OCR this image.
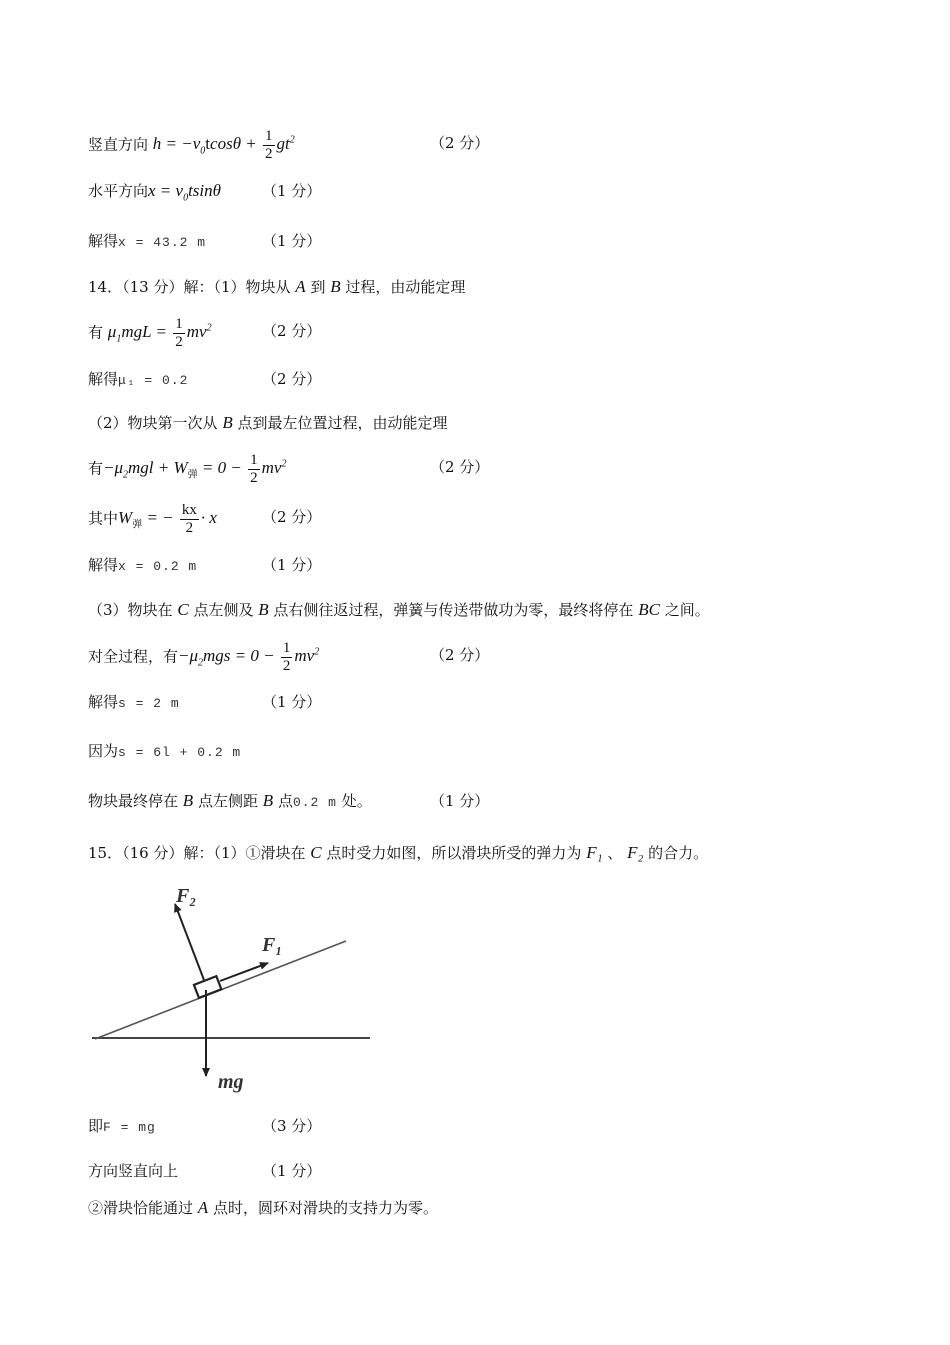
竖直方向 $h = -v_0tcos\theta + \frac{1}{2} gt^2$	（2 分）
水平方向$x = v_0tsin\theta$	（1 分）
解得x = 43.2 m	（1 分）
14．（13 分）解：（1）物块从 A 到 B 过程，由动能定理
有 $\mu_1mgL = \frac{1}{2} mv^2$	（2 分）
解得μ₁ = 0.2	（2 分）
（2）物块第一次从 B 点到最左位置过程，由动能定理
有$-\mu_2mgl + W_弹 = 0 - \frac{1}{2} mv^2$	（2 分）
其中$W_弹$ = − $\frac{kx}{2} \cdot x$	（2 分）
解得x = 0.2 m	（1 分）
（3）物块在 C 点左侧及 B 点右侧往返过程，弹簧与传送带做功为零，最终将停在 BC 之间。
对全过程，有$-\mu_2mgs = 0 - \frac{1}{2} mv^2$	（2 分）
解得s = 2 m	（1 分）
因为s = 6l + 0.2 m
物块最终停在 B 点左侧距 B 点0.2 m 处。	（1 分）
15．（16 分）解：（1）①滑块在 C 点时受力如图，所以滑块所受的弹力为 F₁ 、 F₂ 的合力。
F₂
F₁
mg
即F = mg	（3 分）
方向竖直向上	（1 分）
②滑块恰能通过 A 点时，圆环对滑块的支持力为零。
